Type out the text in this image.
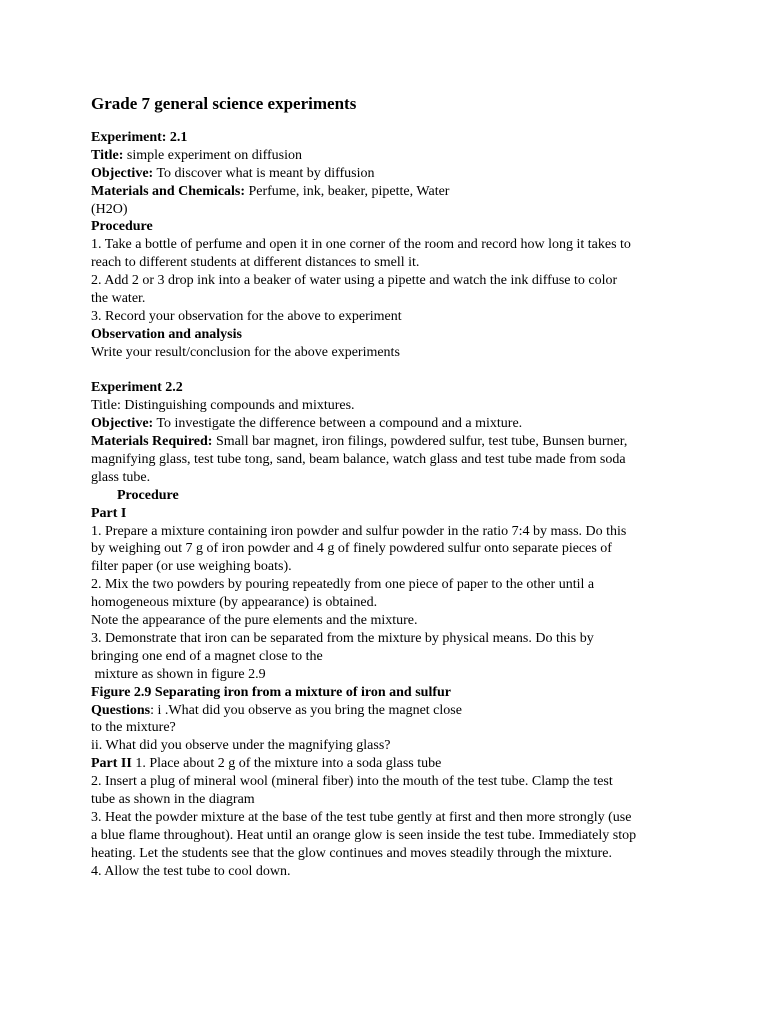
Grade 7 general science experiments
Experiment: 2.1
Title: simple experiment on diffusion
Objective: To discover what is meant by diffusion
Materials and Chemicals: Perfume, ink, beaker, pipette, Water
(H2O)
Procedure
1. Take a bottle of perfume and open it in one corner of the room and record how long it takes to
reach to different students at different distances to smell it.
2. Add 2 or 3 drop ink into a beaker of water using a pipette and watch the ink diffuse to color
the water.
3. Record your observation for the above to experiment
Observation and analysis
Write your result/conclusion for the above experiments
Experiment 2.2
Title: Distinguishing compounds and mixtures.
Objective: To investigate the difference between a compound and a mixture.
Materials Required: Small bar magnet, iron filings, powdered sulfur, test tube, Bunsen burner,
magnifying glass, test tube tong, sand, beam balance, watch glass and test tube made from soda
glass tube.
Procedure
Part I
1. Prepare a mixture containing iron powder and sulfur powder in the ratio 7:4 by mass. Do this
by weighing out 7 g of iron powder and 4 g of finely powdered sulfur onto separate pieces of
filter paper (or use weighing boats).
2. Mix the two powders by pouring repeatedly from one piece of paper to the other until a
homogeneous mixture (by appearance) is obtained.
Note the appearance of the pure elements and the mixture.
3. Demonstrate that iron can be separated from the mixture by physical means. Do this by
bringing one end of a magnet close to the
mixture as shown in figure 2.9
Figure 2.9 Separating iron from a mixture of iron and sulfur
Questions: i .What did you observe as you bring the magnet close
to the mixture?
ii. What did you observe under the magnifying glass?
Part II 1. Place about 2 g of the mixture into a soda glass tube
2. Insert a plug of mineral wool (mineral fiber) into the mouth of the test tube. Clamp the test
tube as shown in the diagram
3. Heat the powder mixture at the base of the test tube gently at first and then more strongly (use
a blue flame throughout). Heat until an orange glow is seen inside the test tube. Immediately stop
heating. Let the students see that the glow continues and moves steadily through the mixture.
4. Allow the test tube to cool down.
